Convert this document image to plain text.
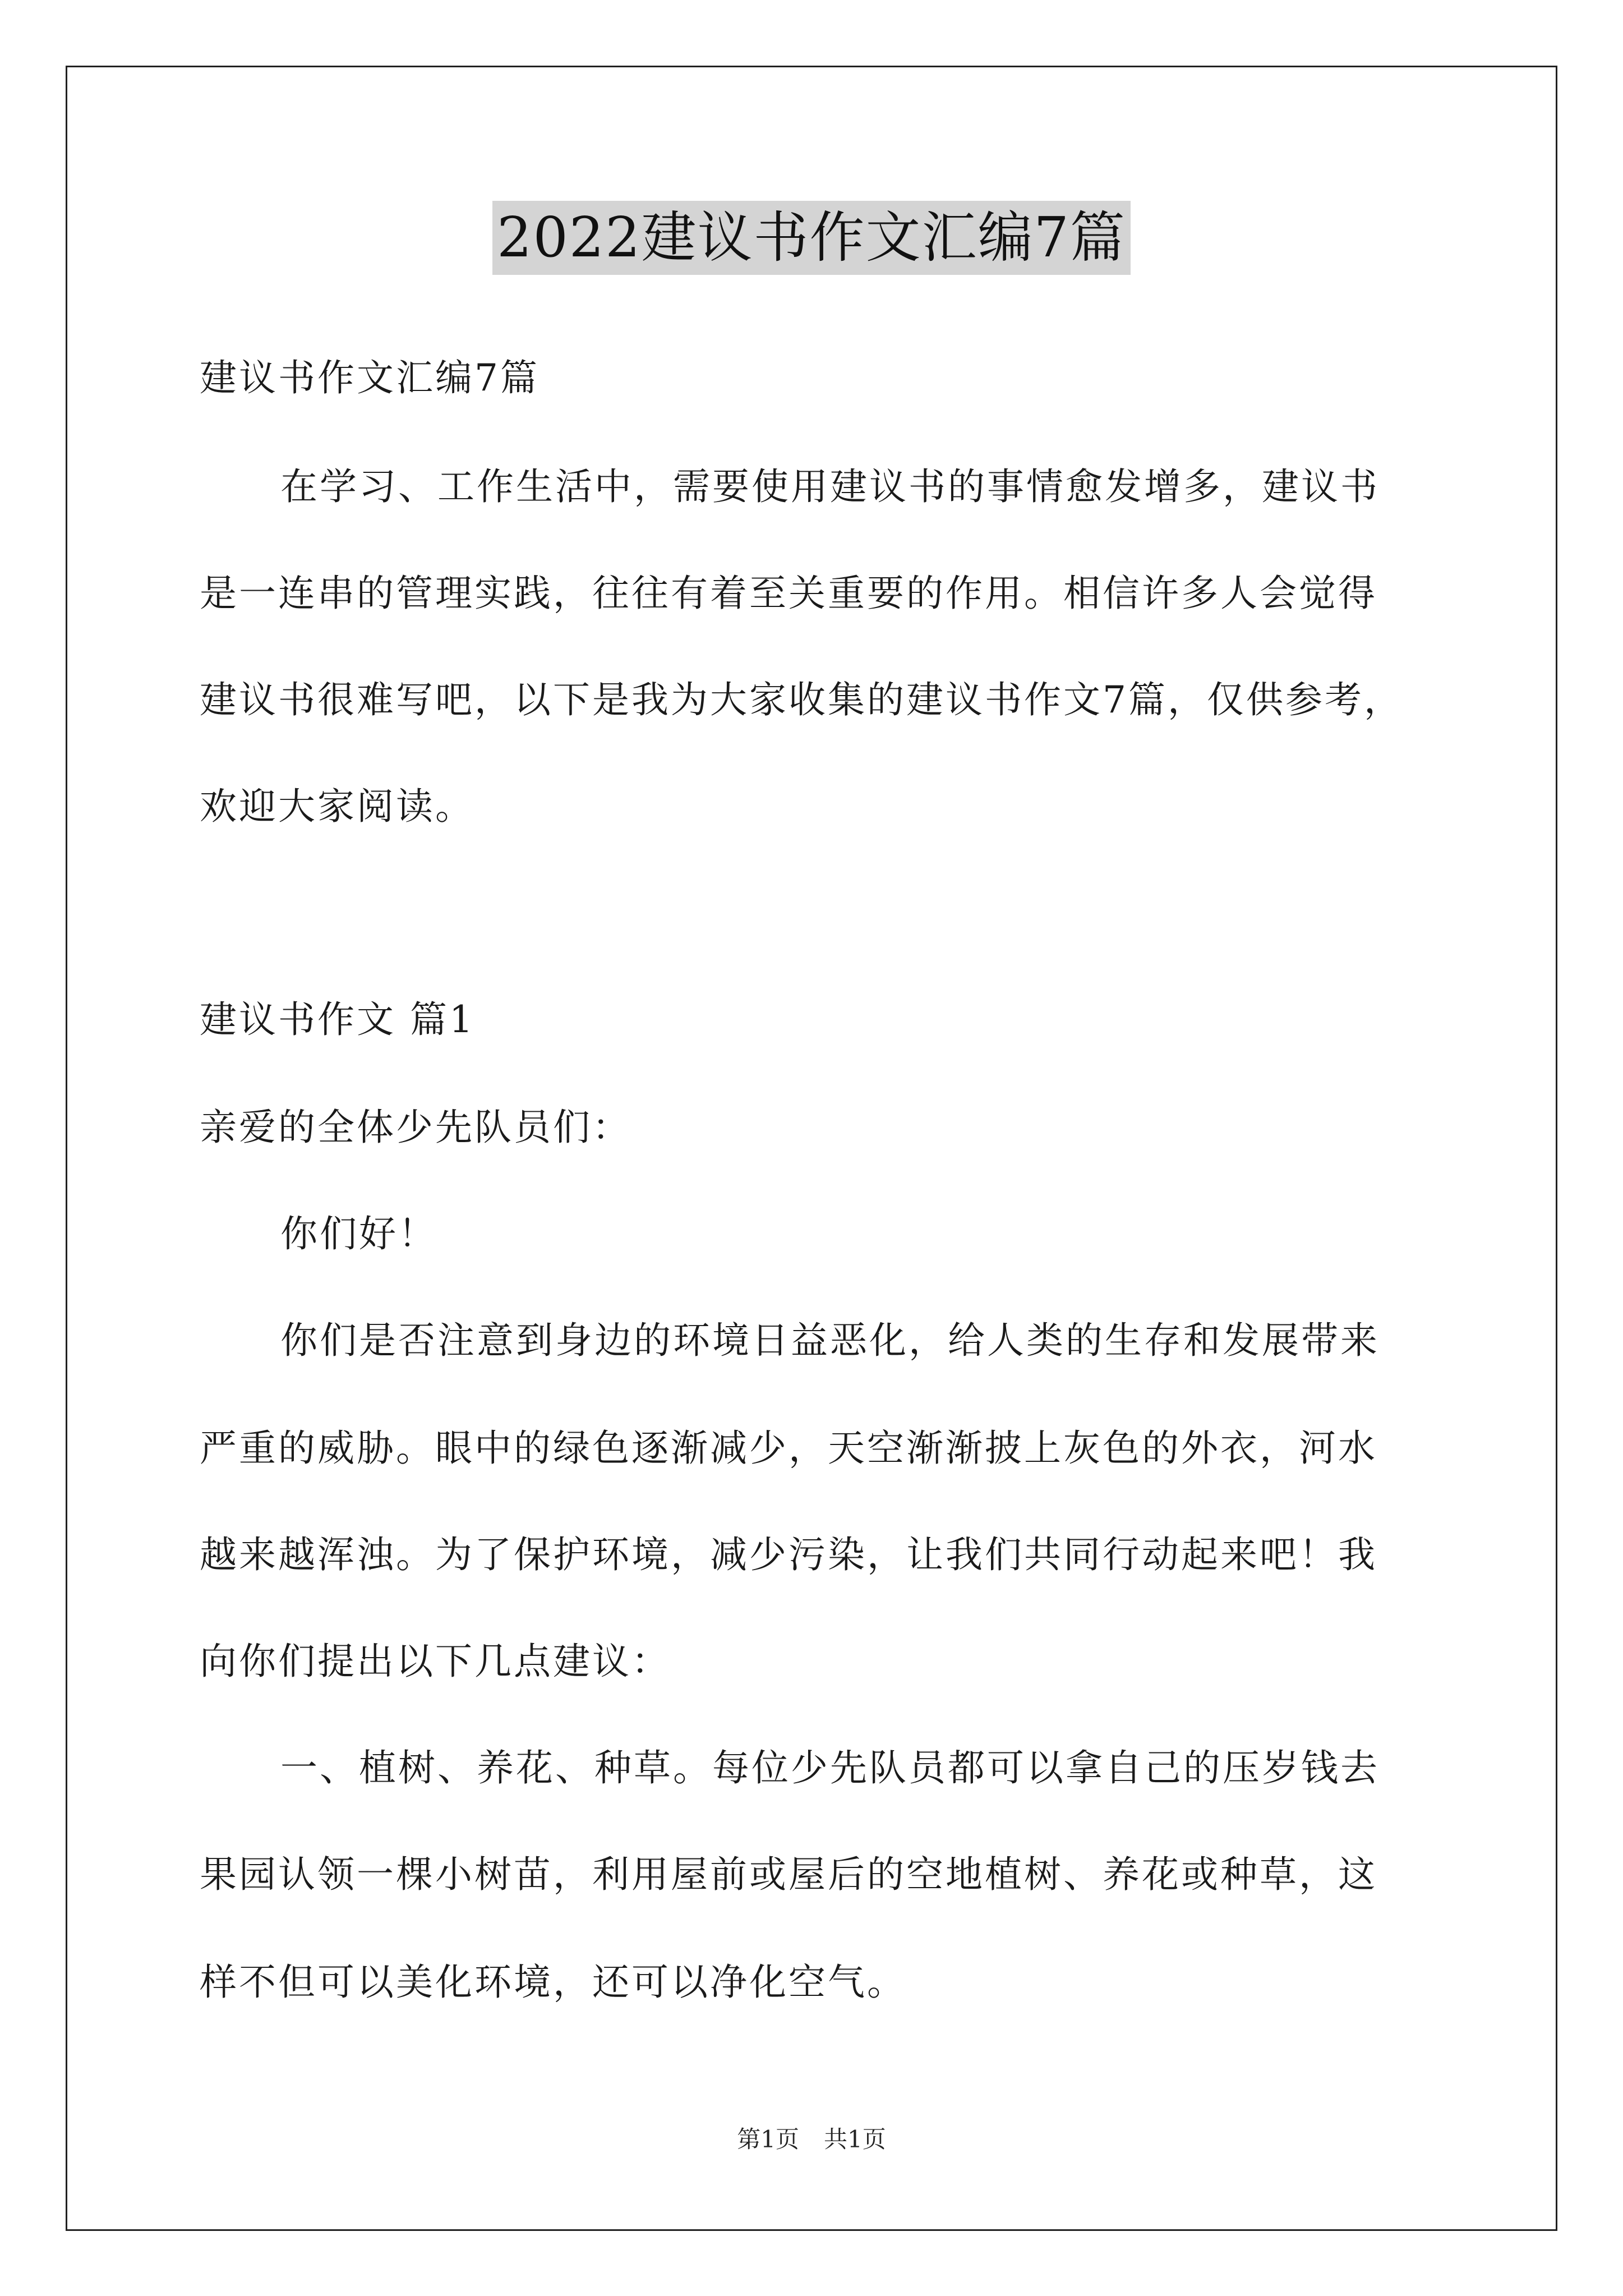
2022建议书作文汇编7篇
建议书作文汇编7篇
在学习、工作生活中，需要使用建议书的事情愈发增多，建议书
是一连串的管理实践，往往有着至关重要的作用。相信许多人会觉得
建议书很难写吧，以下是我为大家收集的建议书作文7篇，仅供参考，
欢迎大家阅读。
建议书作文 篇1
亲爱的全体少先队员们：
你们好！
你们是否注意到身边的环境日益恶化，给人类的生存和发展带来
严重的威胁。眼中的绿色逐渐减少，天空渐渐披上灰色的外衣，河水
越来越浑浊。为了保护环境，减少污染，让我们共同行动起来吧！我
向你们提出以下几点建议：
一、植树、养花、种草。每位少先队员都可以拿自己的压岁钱去
果园认领一棵小树苗，利用屋前或屋后的空地植树、养花或种草，这
样不但可以美化环境，还可以净化空气。
第1页 共1页
